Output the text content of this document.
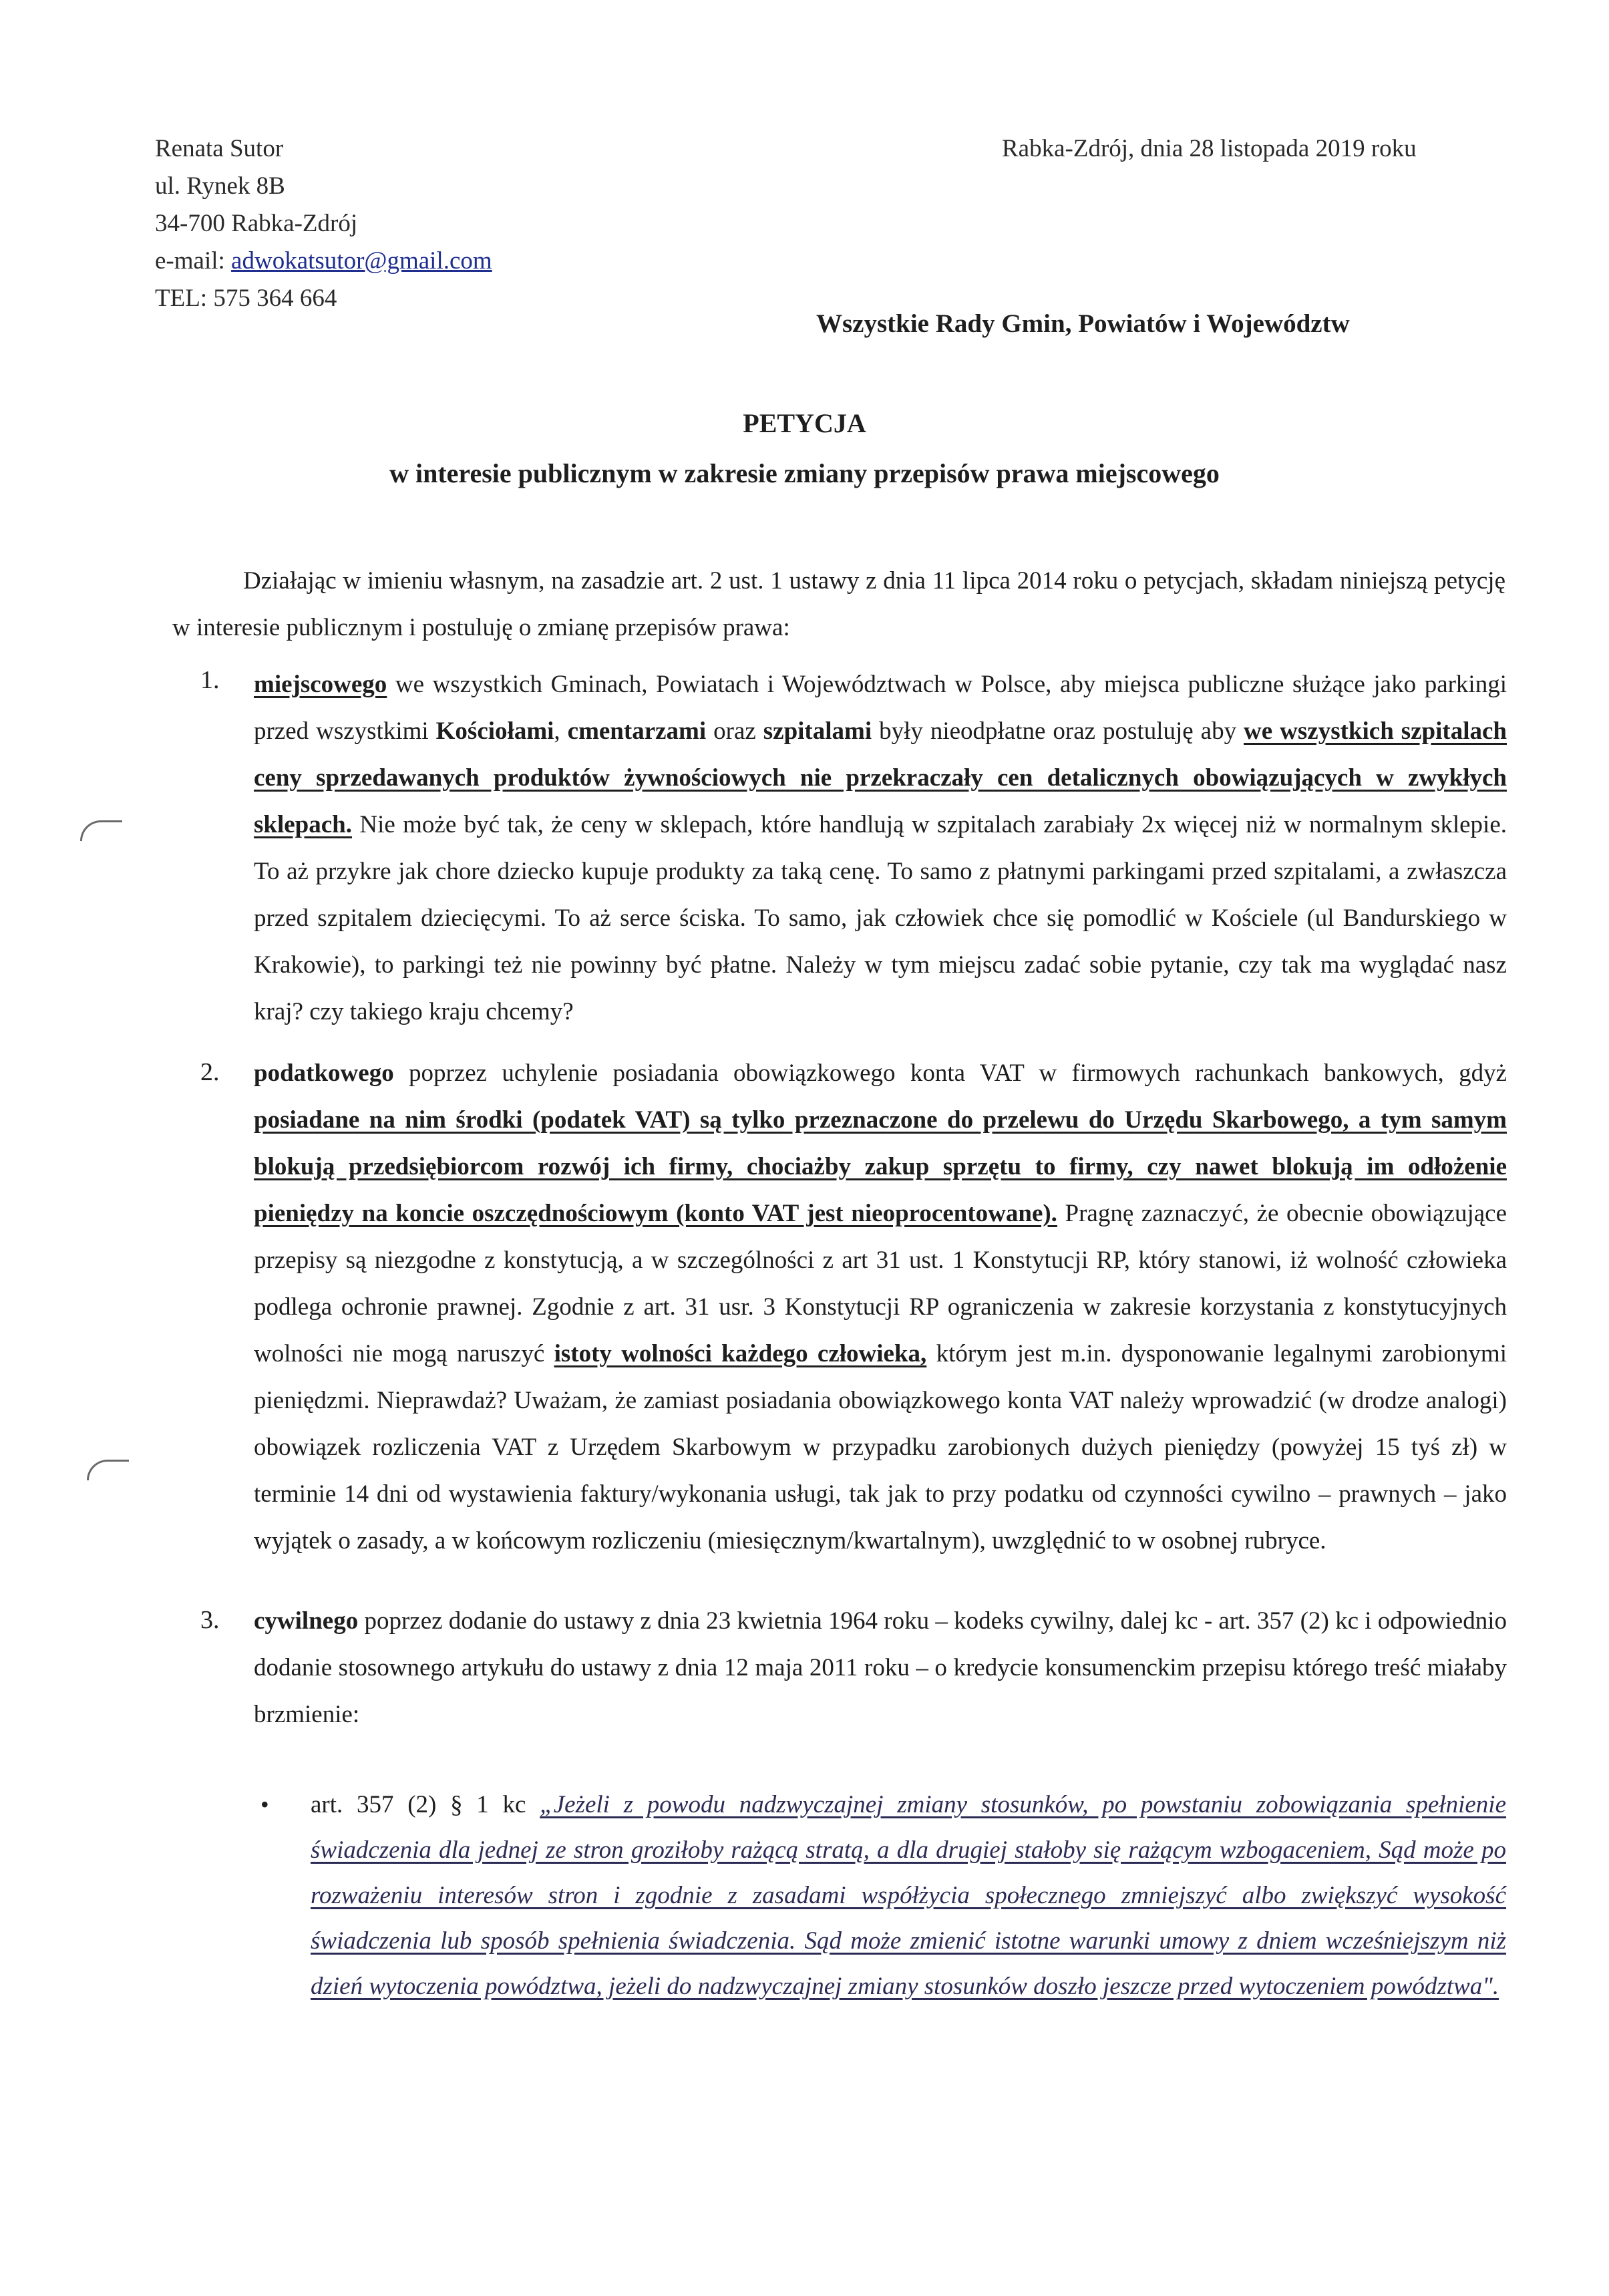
Renata Sutor
ul. Rynek 8B
34-700 Rabka-Zdrój
e-mail: adwokatsutor@gmail.com
TEL: 575 364 664
Rabka-Zdrój, dnia 28 listopada 2019 roku
Wszystkie Rady Gmin, Powiatów i Województw
PETYCJA
w interesie publicznym w zakresie zmiany przepisów prawa miejscowego
Działając w imieniu własnym, na zasadzie art. 2 ust. 1 ustawy z dnia 11 lipca 2014 roku o petycjach, składam niniejszą petycję w interesie publicznym i postuluję o zmianę przepisów prawa:
1. miejscowego we wszystkich Gminach, Powiatach i Województwach w Polsce, aby miejsca publiczne służące jako parkingi przed wszystkimi Kościołami, cmentarzami oraz szpitalami były nieodpłatne oraz postuluję aby we wszystkich szpitalach ceny sprzedawanych produktów żywnościowych nie przekraczały cen detalicznych obowiązujących w zwykłych sklepach. Nie może być tak, że ceny w sklepach, które handlują w szpitalach zarabiały 2x więcej niż w normalnym sklepie. To aż przykre jak chore dziecko kupuje produkty za taką cenę. To samo z płatnymi parkingami przed szpitalami, a zwłaszcza przed szpitalem dziecięcymi. To aż serce ściska. To samo, jak człowiek chce się pomodlić w Kościele (ul Bandurskiego w Krakowie), to parkingi też nie powinny być płatne. Należy w tym miejscu zadać sobie pytanie, czy tak ma wyglądać nasz kraj? czy takiego kraju chcemy?
2. podatkowego poprzez uchylenie posiadania obowiązkowego konta VAT w firmowych rachunkach bankowych, gdyż posiadane na nim środki (podatek VAT) są tylko przeznaczone do przelewu do Urzędu Skarbowego, a tym samym blokują przedsiębiorcom rozwój ich firmy, chociażby zakup sprzętu to firmy, czy nawet blokują im odłożenie pieniędzy na koncie oszczędnościowym (konto VAT jest nieoprocentowane). Pragnę zaznaczyć, że obecnie obowiązujące przepisy są niezgodne z konstytucją, a w szczególności z art 31 ust. 1 Konstytucji RP, który stanowi, iż wolność człowieka podlega ochronie prawnej. Zgodnie z art. 31 usr. 3 Konstytucji RP ograniczenia w zakresie korzystania z konstytucyjnych wolności nie mogą naruszyć istoty wolności każdego człowieka, którym jest m.in. dysponowanie legalnymi zarobionymi pieniędzmi. Nieprawdaż? Uważam, że zamiast posiadania obowiązkowego konta VAT należy wprowadzić (w drodze analogi) obowiązek rozliczenia VAT z Urzędem Skarbowym w przypadku zarobionych dużych pieniędzy (powyżej 15 tyś zł) w terminie 14 dni od wystawienia faktury/wykonania usługi, tak jak to przy podatku od czynności cywilno – prawnych – jako wyjątek o zasady, a w końcowym rozliczeniu (miesięcznym/kwartalnym), uwzględnić to w osobnej rubryce.
3. cywilnego poprzez dodanie do ustawy z dnia 23 kwietnia 1964 roku – kodeks cywilny, dalej kc - art. 357 (2) kc i odpowiednio dodanie stosownego artykułu do ustawy z dnia 12 maja 2011 roku – o kredycie konsumenckim przepisu którego treść miałaby brzmienie:
• art. 357 (2) § 1 kc „Jeżeli z powodu nadzwyczajnej zmiany stosunków, po powstaniu zobowiązania spełnienie świadczenia dla jednej ze stron groziłoby rażącą stratą, a dla drugiej stałoby się rażącym wzbogaceniem, Sąd może po rozważeniu interesów stron i zgodnie z zasadami współżycia społecznego zmniejszyć albo zwiększyć wysokość świadczenia lub sposób spełnienia świadczenia. Sąd może zmienić istotne warunki umowy z dniem wcześniejszym niż dzień wytoczenia powództwa, jeżeli do nadzwyczajnej zmiany stosunków doszło jeszcze przed wytoczeniem powództwa".
